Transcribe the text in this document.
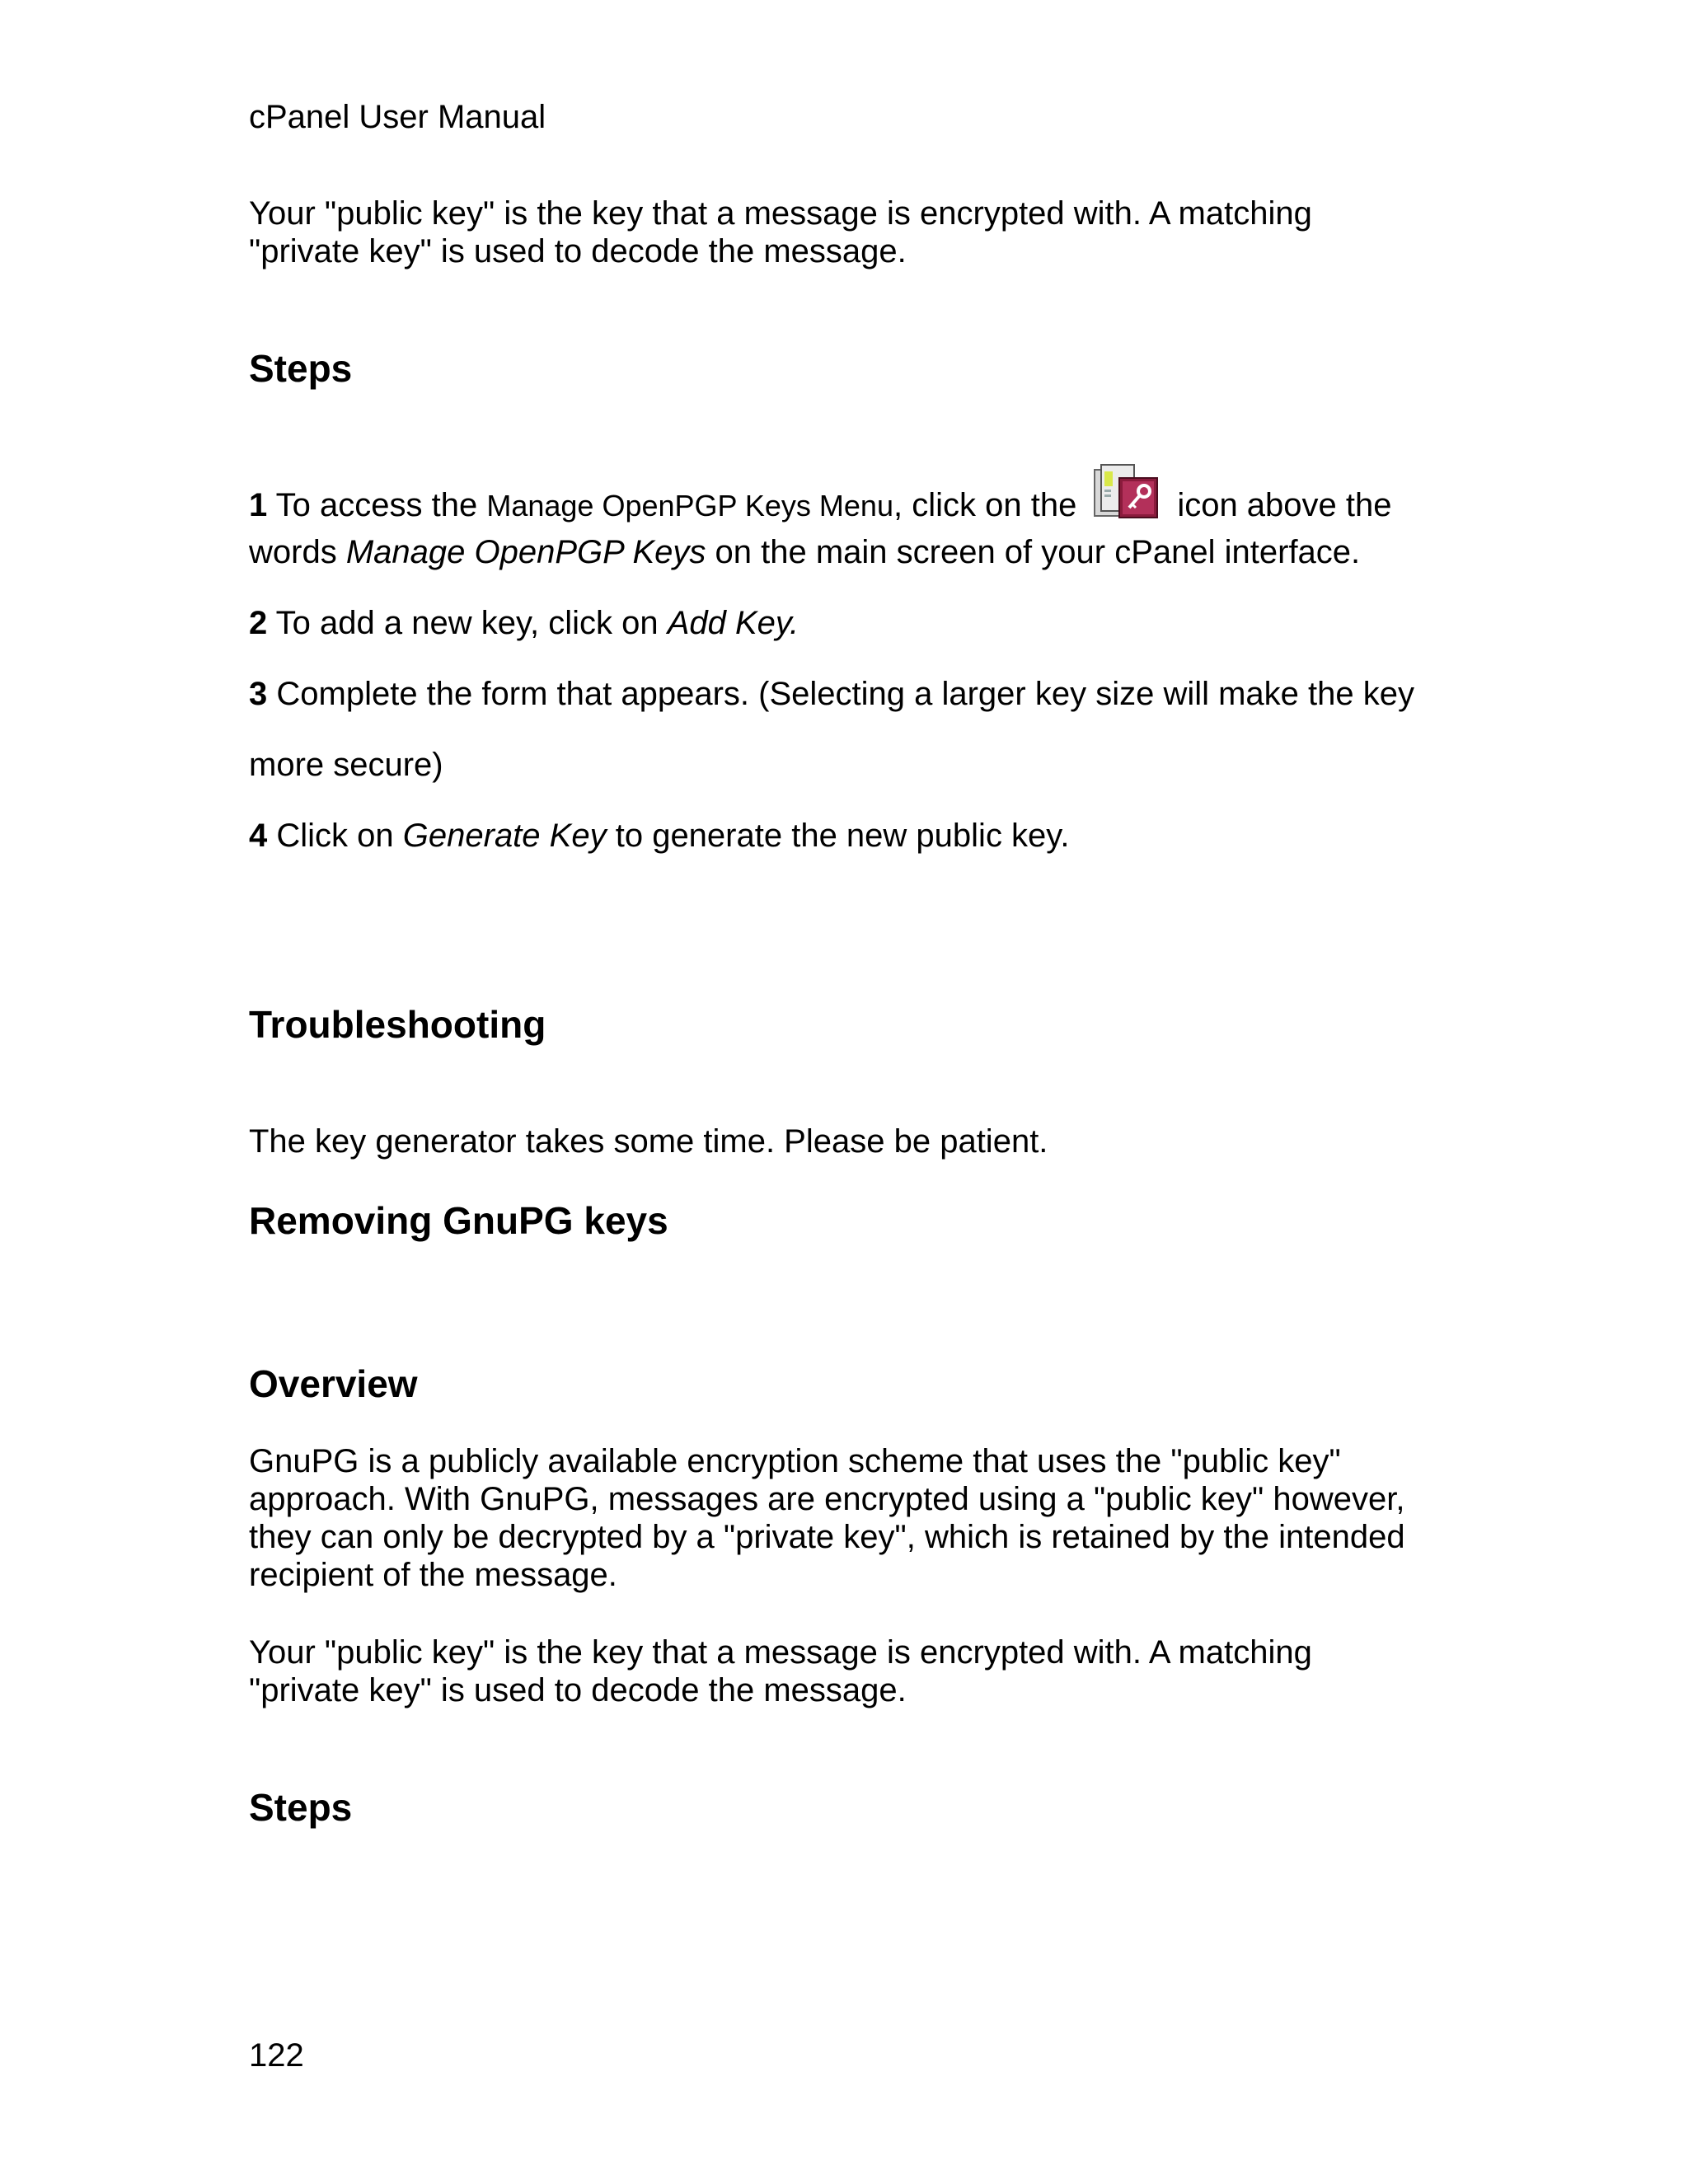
cPanel User Manual
Your "public key" is the key that a message is encrypted with. A matching
"private key" is used to decode the message.
Steps
1 To access the Manage OpenPGP Keys Menu, click on the	icon above the
words Manage OpenPGP Keys on the main screen of your cPanel interface.
2 To add a new key, click on Add Key.
3 Complete the form that appears. (Selecting a larger key size will make the key
more secure)
4 Click on Generate Key to generate the new public key.
Troubleshooting
The key generator takes some time. Please be patient.
Removing GnuPG keys
Overview
GnuPG is a publicly available encryption scheme that uses the "public key"
approach. With GnuPG, messages are encrypted using a "public key" however,
they can only be decrypted by a "private key", which is retained by the intended
recipient of the message.
Your "public key" is the key that a message is encrypted with. A matching
"private key" is used to decode the message.
Steps
122
